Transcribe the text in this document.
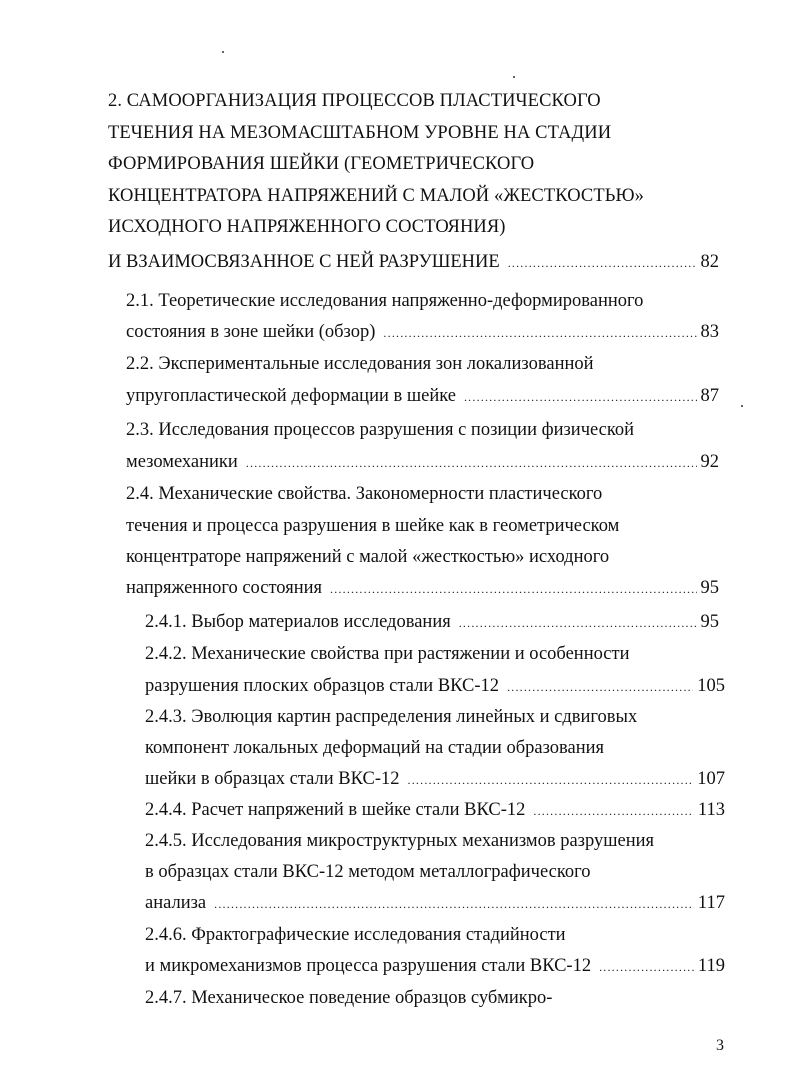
2. САМООРГАНИЗАЦИЯ ПРОЦЕССОВ ПЛАСТИЧЕСКОГО
ТЕЧЕНИЯ НА МЕЗОМАСШТАБНОМ УРОВНЕ НА СТАДИИ
ФОРМИРОВАНИЯ ШЕЙКИ (ГЕОМЕТРИЧЕСКОГО
КОНЦЕНТРАТОРА НАПРЯЖЕНИЙ С МАЛОЙ «ЖЕСТКОСТЬЮ»
ИСХОДНОГО НАПРЯЖЕННОГО СОСТОЯНИЯ)
И ВЗАИМОСВЯЗАННОЕ С НЕЙ РАЗРУШЕНИЕ .....	82
2.1. Теоретические исследования напряженно-деформированного
состояния в зоне шейки (обзор) .....	83
2.2. Экспериментальные исследования зон локализованной
упругопластической деформации в шейке .....	87
2.3. Исследования процессов разрушения с позиции физической
мезомеханики .....	92
2.4. Механические свойства. Закономерности пластического
течения и процесса разрушения в шейке как в геометрическом
концентраторе напряжений с малой «жесткостью» исходного
напряженного состояния .....	95
2.4.1. Выбор материалов исследования .....	95
2.4.2. Механические свойства при растяжении и особенности
разрушения плоских образцов стали ВКС-12 .....	105
2.4.3. Эволюция картин распределения линейных и сдвиговых
компонент локальных деформаций на стадии образования
шейки в образцах стали ВКС-12 .....	107
2.4.4. Расчет напряжений в шейке стали ВКС-12 .....	113
2.4.5. Исследования микроструктурных механизмов разрушения
в образцах стали ВКС-12 методом металлографического
анализа .....	117
2.4.6. Фрактографические исследования стадийности
и микромеханизмов процесса разрушения стали ВКС-12 .....	119
2.4.7. Механическое поведение образцов субмикро-
3
